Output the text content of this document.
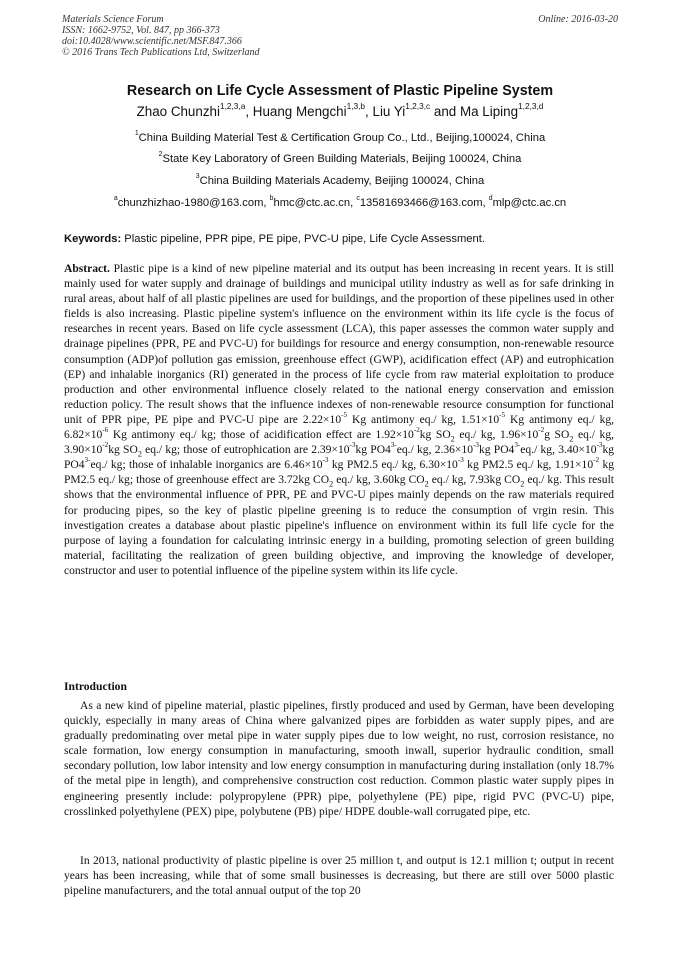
Materials Science Forum
ISSN: 1662-9752, Vol. 847, pp 366-373
doi:10.4028/www.scientific.net/MSF.847.366
© 2016 Trans Tech Publications Ltd, Switzerland
Online: 2016-03-20
Research on Life Cycle Assessment of Plastic Pipeline System
Zhao Chunzhi$^{1,2,3,a}$, Huang Mengchi$^{1,3,b}$, Liu Yi$^{1,2,3,c}$ and Ma Liping$^{1,2,3,d}$
$^1$China Building Material Test & Certification Group Co., Ltd., Beijing,100024, China
$^2$State Key Laboratory of Green Building Materials, Beijing 100024, China
$^3$China Building Materials Academy, Beijing 100024, China
$^a$chunzhizhao-1980@163.com, $^b$hmc@ctc.ac.cn, $^c$13581693466@163.com, $^d$mlp@ctc.ac.cn
Keywords: Plastic pipeline, PPR pipe, PE pipe, PVC-U pipe, Life Cycle Assessment.
Abstract. Plastic pipe is a kind of new pipeline material and its output has been increasing in recent years. It is still mainly used for water supply and drainage of buildings and municipal utility industry as well as for safe drinking in rural areas, about half of all plastic pipelines are used for buildings, and the proportion of these pipelines used in other fields is also increasing. Plastic pipeline system's influence on the environment within its life cycle is the focus of researches in recent years. Based on life cycle assessment (LCA), this paper assesses the common water supply and drainage pipelines (PPR, PE and PVC-U) for buildings for resource and energy consumption, non-renewable resource consumption (ADP)of pollution gas emission, greenhouse effect (GWP), acidification effect (AP) and eutrophication (EP) and inhalable inorganics (RI) generated in the process of life cycle from raw material exploitation to produce production and other environmental influence closely related to the national energy conservation and emission reduction policy. The result shows that the influence indexes of non-renewable resource consumption for functional unit of PPR pipe, PE pipe and PVC-U pipe are $2.22\times 10^{-5}$ Kg antimony eq./ kg, $1.51\times 10^{-5}$ Kg antimony eq./ kg, $6.82\times 10^{-6}$ Kg antimony eq./ kg; those of acidification effect are $1.92\times 10^{-2}kg$ $SO_2$ eq./ kg, $1.96\times 10^{-2}g$ $SO_2$ eq./ kg, $3.90\times 10^{-2}kg$ $SO_2$ eq./ kg; those of eutrophication are $2.39\times 10^{-3}kg$ $PO4^{3-}eq./$ kg, $2.36\times 10^{-3}kg$ $PO4^{3-}eq./$ kg, $3.40\times 10^{-3}kg$ $PO4^{3-}eq./$ kg; those of inhalable inorganics are $6.46\times 10^{-3}$ kg PM2.5 eq./ kg, $6.30\times 10^{-3}$ kg PM2.5 eq./ kg, $1.91\times 10^{-2}$ kg PM2.5 eq./ kg; those of greenhouse effect are 3.72kg $CO_2$ eq./ kg, 3.60kg $CO_2$ eq./ kg, 7.93kg $CO_2$ eq./ kg. This result shows that the environmental influence of PPR, PE and PVC-U pipes mainly depends on the raw materials required for producing pipes, so the key of plastic pipeline greening is to reduce the consumption of vrgin resin. This investigation creates a database about plastic pipeline's influence on environment within its full life cycle for the purpose of laying a foundation for calculating intrinsic energy in a building, promoting selection of green building material, facilitating the realization of green building objective, and improving the knowledge of developer, constructor and user to potential influence of the pipeline system within its life cycle.
Introduction
As a new kind of pipeline material, plastic pipelines, firstly produced and used by German, have been developing quickly, especially in many areas of China where galvanized pipes are forbidden as water supply pipes, and are gradually predominating over metal pipe in water supply pipes due to low weight, no rust, corrosion resistance, no scale formation, low energy consumption in manufacturing, smooth inwall, superior hydraulic condition, small secondary pollution, low labor intensity and low energy consumption in manufacturing during installation (only 18.7% of the metal pipe in length), and comprehensive construction cost reduction. Common plastic water supply pipes in engineering presently include: polypropylene (PPR) pipe, polyethylene (PE) pipe, rigid PVC (PVC-U) pipe, crosslinked polyethylene (PEX) pipe, polybutene (PB) pipe/ HDPE double-wall corrugated pipe, etc.
In 2013, national productivity of plastic pipeline is over 25 million t, and output is 12.1 million t; output in recent years has been increasing, while that of some small businesses is decreasing, but there are still over 5000 plastic pipeline manufacturers, and the total annual output of the top 20
